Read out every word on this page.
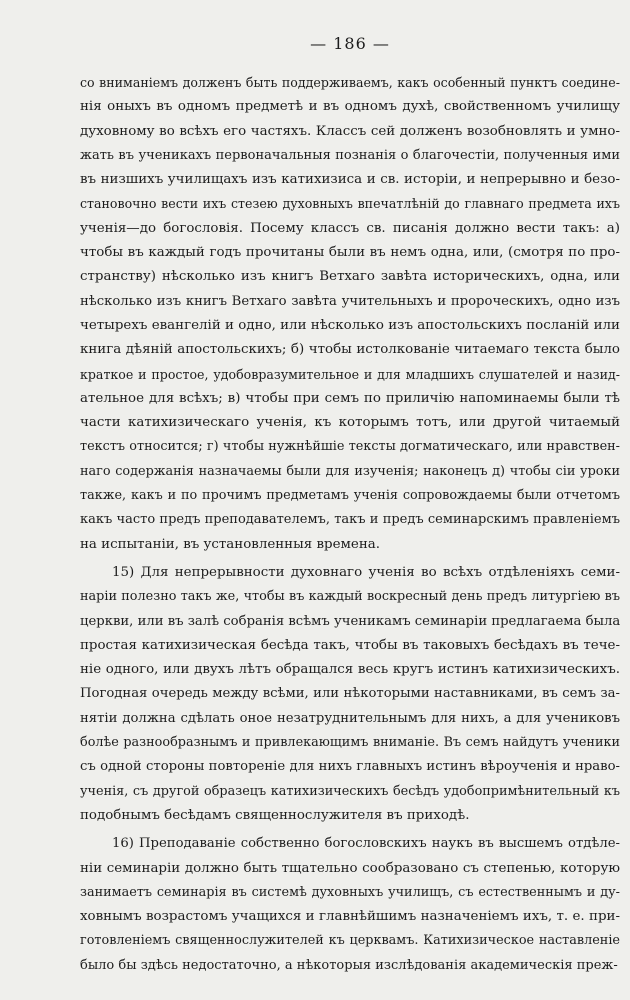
— 186 —

со вниманіемъ долженъ быть поддерживаемъ, какъ особенный пунктъ соедине-
нія оныхъ въ одномъ предметѣ и въ одномъ духѣ, свойственномъ училищу
духовному во всѣхъ его частяхъ. Классъ сей долженъ возобновлять и умно-
жать въ ученикахъ первоначальныя познанія о благочестіи, полученныя ими
въ низшихъ училищахъ изъ катихизиса и св. исторіи, и непрерывно и безо-
становочно вести ихъ стезею духовныхъ впечатлѣній до главнаго предмета ихъ
ученія—до богословія. Посему классъ св. писанія должно вести такъ: а)
чтобы въ каждый годъ прочитаны были въ немъ одна, или, (смотря по про-
странству) нѣсколько изъ книгъ Ветхаго завѣта историческихъ, одна, или
нѣсколько изъ книгъ Ветхаго завѣта учительныхъ и пророческихъ, одно изъ
четырехъ евангелій и одно, или нѣсколько изъ апостольскихъ посланій или
книга дѣяній апостольскихъ; б) чтобы истолкованіе читаемаго текста было
краткое и простое, удобовразумительное и для младшихъ слушателей и назид-
ательное для всѣхъ; в) чтобы при семъ по приличію напоминаемы были тѣ
части катихизическаго ученія, къ которымъ тотъ, или другой читаемый
текстъ относится; г) чтобы нужнѣйшіе тексты догматическаго, или нравствен-
наго содержанія назначаемы были для изученія; наконецъ д) чтобы сіи уроки
также, какъ и по прочимъ предметамъ ученія сопровождаемы были отчетомъ
какъ часто предъ преподавателемъ, такъ и предъ семинарскимъ правленіемъ
на испытаніи, въ установленныя времена.

15) Для непрерывности духовнаго ученія во всѣхъ отдѣленіяхъ семи-
наріи полезно такъ же, чтобы въ каждый воскресный день предъ литургіею въ
церкви, или въ залѣ собранія всѣмъ ученикамъ семинаріи предлагаема была
простая катихизическая бесѣда такъ, чтобы въ таковыхъ бесѣдахъ въ тече-
ніе одного, или двухъ лѣтъ обращался весь кругъ истинъ катихизическихъ.
Погодная очередь между всѣми, или нѣкоторыми наставниками, въ семъ за-
нятіи должна сдѣлать оное незатруднительнымъ для нихъ, а для учениковъ
болѣе разнообразнымъ и привлекающимъ вниманіе. Въ семъ найдутъ ученики
съ одной стороны повтореніе для нихъ главныхъ истинъ вѣроученія и нраво-
ученія, съ другой образецъ катихизическихъ бесѣдъ удобопримѣнительный къ
подобнымъ бесѣдамъ священнослужителя въ приходѣ.

16) Преподаваніе собственно богословскихъ наукъ въ высшемъ отдѣле-
ніи семинаріи должно быть тщательно сообразовано съ степенью, которую
занимаетъ семинарія въ системѣ духовныхъ училищъ, съ естественнымъ и ду-
ховнымъ возрастомъ учащихся и главнѣйшимъ назначеніемъ ихъ, т. е. при-
готовленіемъ священнослужителей къ церквамъ. Катихизическое наставленіе
было бы здѣсь недостаточно, а нѣкоторыя изслѣдованія академическія преж-
